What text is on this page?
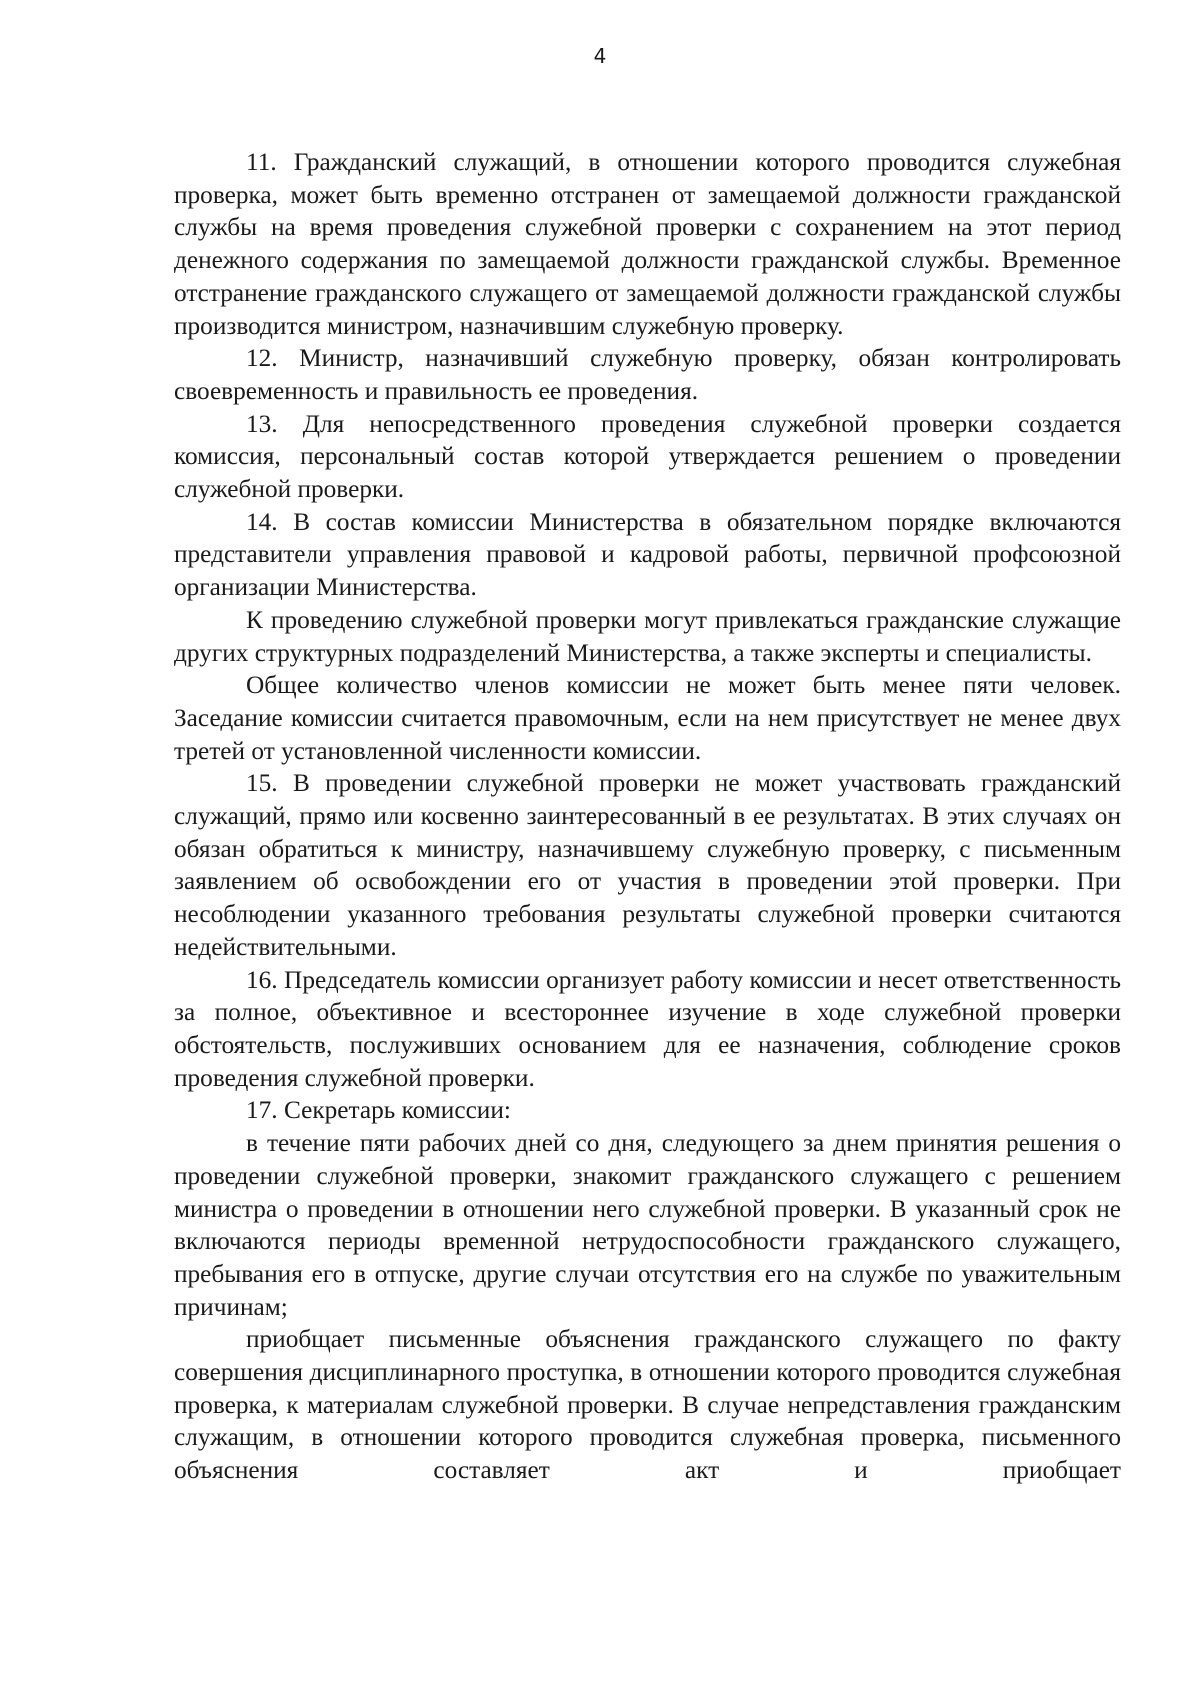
4

11. Гражданский служащий, в отношении которого проводится служебная проверка, может быть временно отстранен от замещаемой должности гражданской службы на время проведения служебной проверки с сохранением на этот период денежного содержания по замещаемой должности гражданской службы. Временное отстранение гражданского служащего от замещаемой должности гражданской службы производится министром, назначившим служебную проверку.

12. Министр, назначивший служебную проверку, обязан контролировать своевременность и правильность ее проведения.

13. Для непосредственного проведения служебной проверки создается комиссия, персональный состав которой утверждается решением о проведении служебной проверки.

14. В состав комиссии Министерства в обязательном порядке включаются представители управления правовой и кадровой работы, первичной профсоюзной организации Министерства.

К проведению служебной проверки могут привлекаться гражданские служащие других структурных подразделений Министерства, а также эксперты и специалисты.

Общее количество членов комиссии не может быть менее пяти человек. Заседание комиссии считается правомочным, если на нем присутствует не менее двух третей от установленной численности комиссии.

15. В проведении служебной проверки не может участвовать гражданский служащий, прямо или косвенно заинтересованный в ее результатах. В этих случаях он обязан обратиться к министру, назначившему служебную проверку, с письменным заявлением об освобождении его от участия в проведении этой проверки. При несоблюдении указанного требования результаты служебной проверки считаются недействительными.

16. Председатель комиссии организует работу комиссии и несет ответственность за полное, объективное и всестороннее изучение в ходе служебной проверки обстоятельств, послуживших основанием для ее назначения, соблюдение сроков проведения служебной проверки.

17. Секретарь комиссии:

в течение пяти рабочих дней со дня, следующего за днем принятия решения о проведении служебной проверки, знакомит гражданского служащего с решением министра о проведении в отношении него служебной проверки. В указанный срок не включаются периоды временной нетрудоспособности гражданского служащего, пребывания его в отпуске, другие случаи отсутствия его на службе по уважительным причинам;

приобщает письменные объяснения гражданского служащего по факту совершения дисциплинарного проступка, в отношении которого проводится служебная проверка, к материалам служебной проверки. В случае непредставления гражданским служащим, в отношении которого проводится служебная проверка, письменного объяснения составляет акт и приобщает
